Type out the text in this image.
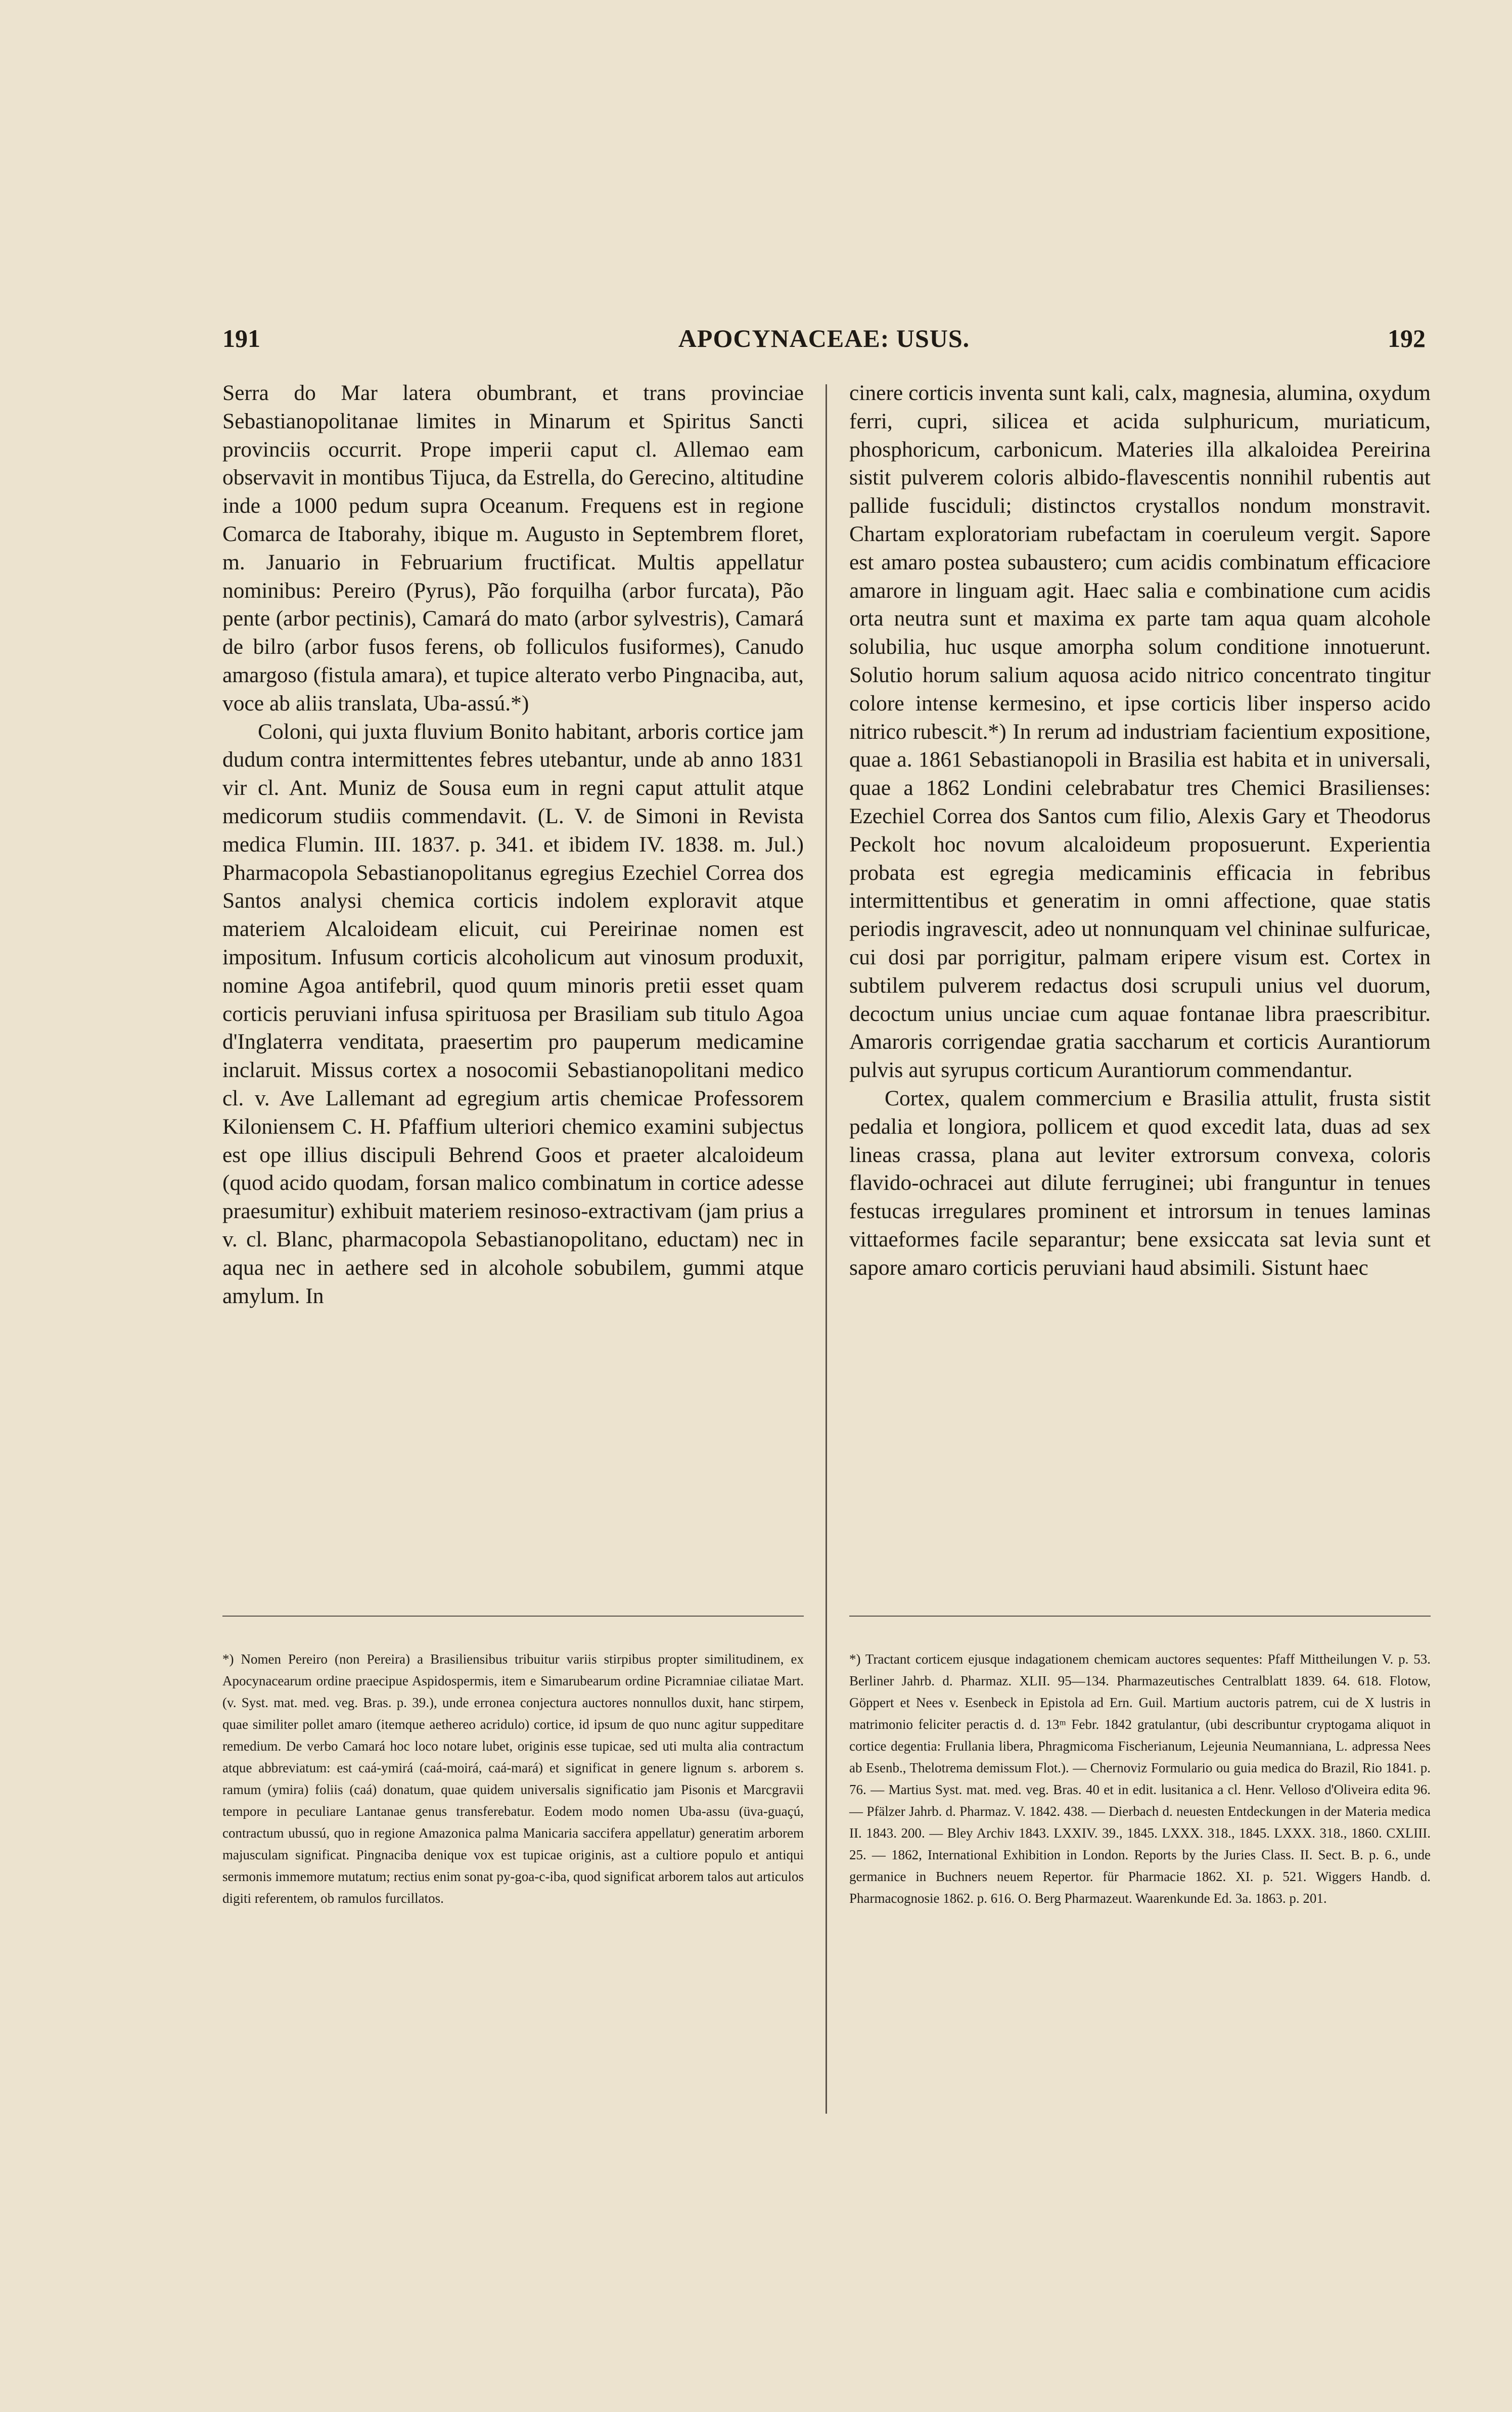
191	APOCYNACEAE: USUS.	192

Serra do Mar latera obumbrant, et trans provinciae Sebastianopolitanae limites in Minarum et Spiritus Sancti provinciis occurrit. Prope imperii caput cl. Allemao eam observavit in montibus Tijuca, da Estrella, do Gerecino, altitudine inde a 1000 pedum supra Oceanum. Frequens est in regione Comarca de Itaborahy, ibique m. Augusto in Septembrem floret, m. Januario in Februarium fructificat. Multis appellatur nominibus: Pereiro (Pyrus), Pão forquilha (arbor furcata), Pão pente (arbor pectinis), Camará do mato (arbor sylvestris), Camará de bilro (arbor fusos ferens, ob folliculos fusiformes), Canudo amargoso (fistula amara), et tupice alterato verbo Pingnaciba, aut, voce ab aliis translata, Uba-assú.*)

Coloni, qui juxta fluvium Bonito habitant, arboris cortice jam dudum contra intermittentes febres utebantur, unde ab anno 1831 vir cl. Ant. Muniz de Sousa eum in regni caput attulit atque medicorum studiis commendavit. (L. V. de Simoni in Revista medica Flumin. III. 1837. p. 341. et ibidem IV. 1838. m. Jul.) Pharmacopola Sebastianopolitanus egregius Ezechiel Correa dos Santos analysi chemica corticis indolem exploravit atque materiem Alcaloideam elicuit, cui Pereirinae nomen est impositum. Infusum corticis alcoholicum aut vinosum produxit, nomine Agoa antifebril, quod quum minoris pretii esset quam corticis peruviani infusa spirituosa per Brasiliam sub titulo Agoa d'Inglaterra venditata, praesertim pro pauperum medicamine inclaruit. Missus cortex a nosocomii Sebastianopolitani medico cl. v. Ave Lallemant ad egregium artis chemicae Professorem Kiloniensem C. H. Pfaffium ulteriori chemico examini subjectus est ope illius discipuli Behrend Goos et praeter alcaloideum (quod acido quodam, forsan malico combinatum in cortice adesse praesumitur) exhibuit materiem resinoso-extractivam (jam prius a v. cl. Blanc, pharmacopola Sebastianopolitano, eductam) nec in aqua nec in aethere sed in alcohole sobubilem, gummi atque amylum. In

cinere corticis inventa sunt kali, calx, magnesia, alumina, oxydum ferri, cupri, silicea et acida sulphuricum, muriaticum, phosphoricum, carbonicum. Materies illa alkaloidea Pereirina sistit pulverem coloris albido-flavescentis nonnihil rubentis aut pallide fusciduli; distinctos crystallos nondum monstravit. Chartam exploratoriam rubefactam in coeruleum vergit. Sapore est amaro postea subaustero; cum acidis combinatum efficaciore amarore in linguam agit. Haec salia e combinatione cum acidis orta neutra sunt et maxima ex parte tam aqua quam alcohole solubilia, huc usque amorpha solum conditione innotuerunt. Solutio horum salium aquosa acido nitrico concentrato tingitur colore intense kermesino, et ipse corticis liber insperso acido nitrico rubescit.*) In rerum ad industriam facientium expositione, quae a. 1861 Sebastianopoli in Brasilia est habita et in universali, quae a 1862 Londini celebrabatur tres Chemici Brasilienses: Ezechiel Correa dos Santos cum filio, Alexis Gary et Theodorus Peckolt hoc novum alcaloideum proposuerunt. Experientia probata est egregia medicaminis efficacia in febribus intermittentibus et generatim in omni affectione, quae statis periodis ingravescit, adeo ut nonnunquam vel chininae sulfuricae, cui dosi par porrigitur, palmam eripere visum est. Cortex in subtilem pulverem redactus dosi scrupuli unius vel duorum, decoctum unius unciae cum aquae fontanae libra praescribitur. Amaroris corrigendae gratia saccharum et corticis Aurantiorum pulvis aut syrupus corticum Aurantiorum commendantur.

Cortex, qualem commercium e Brasilia attulit, frusta sistit pedalia et longiora, pollicem et quod excedit lata, duas ad sex lineas crassa, plana aut leviter extrorsum convexa, coloris flavido-ochracei aut dilute ferruginei; ubi franguntur in tenues festucas irregulares prominent et introrsum in tenues laminas vittaeformes facile separantur; bene exsiccata sat levia sunt et sapore amaro corticis peruviani haud absimili. Sistunt haec

*) Nomen Pereiro (non Pereira) a Brasiliensibus tribuitur variis stirpibus propter similitudinem, ex Apocynacearum ordine praecipue Aspidospermis, item e Simarubearum ordine Picramniae ciliatae Mart. (v. Syst. mat. med. veg. Bras. p. 39.), unde erronea conjectura auctores nonnullos duxit, hanc stirpem, quae similiter pollet amaro (itemque aethereo acridulo) cortice, id ipsum de quo nunc agitur suppeditare remedium. De verbo Camará hoc loco notare lubet, originis esse tupicae, sed uti multa alia contractum atque abbreviatum: est caá-ymirá (caá-moirá, caá-mará) et significat in genere lignum s. arborem s. ramum (ymira) foliis (caá) donatum, quae quidem universalis significatio jam Pisonis et Marcgravii tempore in peculiare Lantanae genus transferebatur. Eodem modo nomen Uba-assu (üva-guaçú, contractum ubussú, quo in regione Amazonica palma Manicaria saccifera appellatur) generatim arborem majusculam significat. Pingnaciba denique vox est tupicae originis, ast a cultiore populo et antiqui sermonis immemore mutatum; rectius enim sonat py-goa-c-iba, quod significat arborem talos aut articulos digiti referentem, ob ramulos furcillatos.
*) Tractant corticem ejusque indagationem chemicam auctores sequentes: Pfaff Mittheilungen V. p. 53. Berliner Jahrb. d. Pharmaz. XLII. 95—134. Pharmazeutisches Centralblatt 1839. 64. 618. Flotow, Göppert et Nees v. Esenbeck in Epistola ad Ern. Guil. Martium auctoris patrem, cui de X lustris in matrimonio feliciter peractis d. d. 13ᵐ Febr. 1842 gratulantur, (ubi describuntur cryptogama aliquot in cortice degentia: Frullania libera, Phragmicoma Fischerianum, Lejeunia Neumanniana, L. adpressa Nees ab Esenb., Thelotrema demissum Flot.). — Chernoviz Formulario ou guia medica do Brazil, Rio 1841. p. 76. — Martius Syst. mat. med. veg. Bras. 40 et in edit. lusitanica a cl. Henr. Velloso d'Oliveira edita 96. — Pfälzer Jahrb. d. Pharmaz. V. 1842. 438. — Dierbach d. neuesten Entdeckungen in der Materia medica II. 1843. 200. — Bley Archiv 1843. LXXIV. 39., 1845. LXXX. 318., 1845. LXXX. 318., 1860. CXLIII. 25. — 1862, International Exhibition in London. Reports by the Juries Class. II. Sect. B. p. 6., unde germanice in Buchners neuem Repertor. für Pharmacie 1862. XI. p. 521. Wiggers Handb. d. Pharmacognosie 1862. p. 616. O. Berg Pharmazeut. Waarenkunde Ed. 3a. 1863. p. 201.
